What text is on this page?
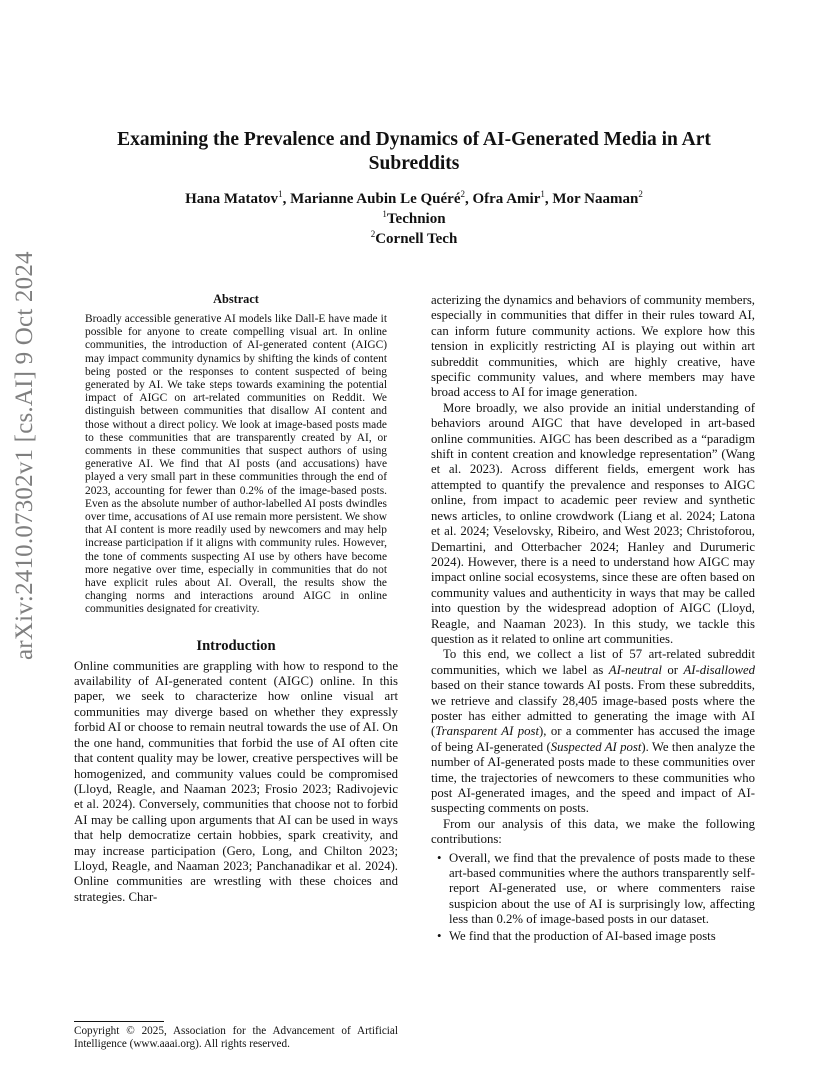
Examining the Prevalence and Dynamics of AI-Generated Media in Art Subreddits
Hana Matatov$^1$, Marianne Aubin Le Quéré$^2$, Ofra Amir$^1$, Mor Naaman$^2$
$^1$Technion
$^2$Cornell Tech
arXiv:2410.07302v1 [cs.AI] 9 Oct 2024	Abstract
Broadly accessible generative AI models like Dall-E have made it possible for anyone to create compelling visual art. In online communities, the introduction of AI-generated content (AIGC) may impact community dynamics by shifting the kinds of content being posted or the responses to content suspected of being generated by AI. We take steps towards examining the potential impact of AIGC on art-related communities on Reddit. We distinguish between communities that disallow AI content and those without a direct policy. We look at image-based posts made to these communities that are transparently created by AI, or comments in these communities that suspect authors of using generative AI. We find that AI posts (and accusations) have played a very small part in these communities through the end of 2023, accounting for fewer than 0.2% of the image-based posts. Even as the absolute number of author-labelled AI posts dwindles over time, accusations of AI use remain more persistent. We show that AI content is more readily used by newcomers and may help increase participation if it aligns with community rules. However, the tone of comments suspecting AI use by others have become more negative over time, especially in communities that do not have explicit rules about AI. Overall, the results show the changing norms and interactions around AIGC in online communities designated for creativity.
Introduction

Online communities are grappling with how to respond to the availability of AI-generated content (AIGC) online. In this paper, we seek to characterize how online visual art communities may diverge based on whether they expressly forbid AI or choose to remain neutral towards the use of AI. On the one hand, communities that forbid the use of AI often cite that content quality may be lower, creative perspectives will be homogenized, and community values could be compromised (Lloyd, Reagle, and Naaman 2023; Frosio 2023; Radivojevic et al. 2024). Conversely, communities that choose not to forbid AI may be calling upon arguments that AI can be used in ways that help democratize certain hobbies, spark creativity, and may increase participation (Gero, Long, and Chilton 2023; Lloyd, Reagle, and Naaman 2023; Panchanadikar et al. 2024). Online communities are wrestling with these choices and strategies. Char-

Copyright © 2025, Association for the Advancement of Artificial Intelligence (www.aaai.org). All rights reserved.

acterizing the dynamics and behaviors of community members, especially in communities that differ in their rules toward AI, can inform future community actions. We explore how this tension in explicitly restricting AI is playing out within art subreddit communities, which are highly creative, have specific community values, and where members may have broad access to AI for image generation.

More broadly, we also provide an initial understanding of behaviors around AIGC that have developed in art-based online communities. AIGC has been described as a “paradigm shift in content creation and knowledge representation” (Wang et al. 2023). Across different fields, emergent work has attempted to quantify the prevalence and responses to AIGC online, from impact to academic peer review and synthetic news articles, to online crowdwork (Liang et al. 2024; Latona et al. 2024; Veselovsky, Ribeiro, and West 2023; Christoforou, Demartini, and Otterbacher 2024; Hanley and Durumeric 2024). However, there is a need to understand how AIGC may impact online social ecosystems, since these are often based on community values and authenticity in ways that may be called into question by the widespread adoption of AIGC (Lloyd, Reagle, and Naaman 2023). In this study, we tackle this question as it related to online art communities.

To this end, we collect a list of 57 art-related subreddit communities, which we label as AI-neutral or AI-disallowed based on their stance towards AI posts. From these subreddits, we retrieve and classify 28,405 image-based posts where the poster has either admitted to generating the image with AI (Transparent AI post), or a commenter has accused the image of being AI-generated (Suspected AI post). We then analyze the number of AI-generated posts made to these communities over time, the trajectories of newcomers to these communities who post AI-generated images, and the speed and impact of AI-suspecting comments on posts.

From our analysis of this data, we make the following contributions:

• Overall, we find that the prevalence of posts made to these art-based communities where the authors transparently self-report AI-generated use, or where commenters raise suspicion about the use of AI is surprisingly low, affecting less than 0.2% of image-based posts in our dataset.
• We find that the production of AI-based image posts
